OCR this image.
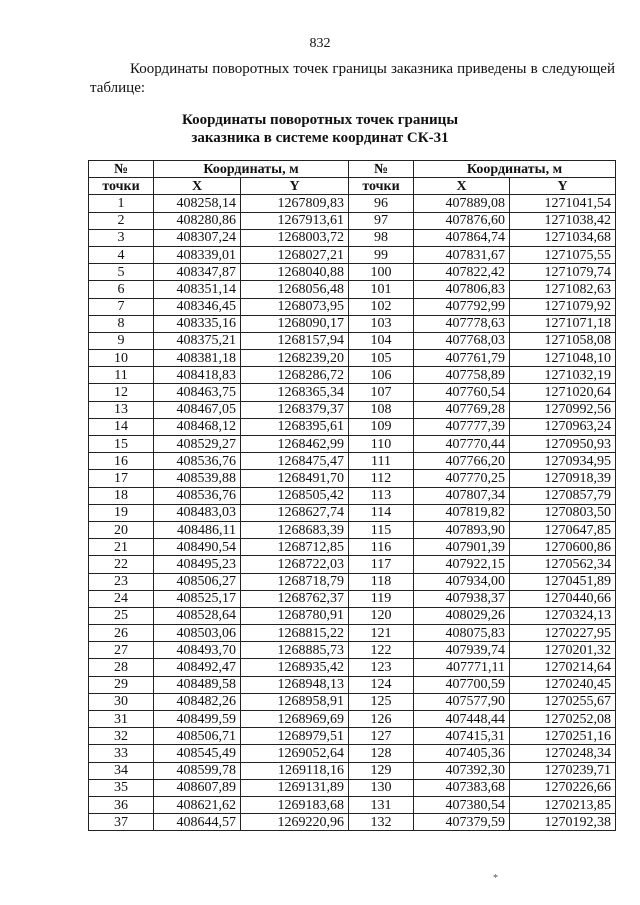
832

Координаты поворотных точек границы заказника приведены в следующей таблице:

Координаты поворотных точек границы
заказника в системе координат СК-31
№	Координаты, м		№	Координаты, м	
точки	X	Y	точки	X	Y
1	408258,14	1267809,83	96	407889,08	1271041,54
2	408280,86	1267913,61	97	407876,60	1271038,42
3	408307,24	1268003,72	98	407864,74	1271034,68
4	408339,01	1268027,21	99	407831,67	1271075,55
5	408347,87	1268040,88	100	407822,42	1271079,74
6	408351,14	1268056,48	101	407806,83	1271082,63
7	408346,45	1268073,95	102	407792,99	1271079,92
8	408335,16	1268090,17	103	407778,63	1271071,18
9	408375,21	1268157,94	104	407768,03	1271058,08
10	408381,18	1268239,20	105	407761,79	1271048,10
11	408418,83	1268286,72	106	407758,89	1271032,19
12	408463,75	1268365,34	107	407760,54	1271020,64
13	408467,05	1268379,37	108	407769,28	1270992,56
14	408468,12	1268395,61	109	407777,39	1270963,24
15	408529,27	1268462,99	110	407770,44	1270950,93
16	408536,76	1268475,47	111	407766,20	1270934,95
17	408539,88	1268491,70	112	407770,25	1270918,39
18	408536,76	1268505,42	113	407807,34	1270857,79
19	408483,03	1268627,74	114	407819,82	1270803,50
20	408486,11	1268683,39	115	407893,90	1270647,85
21	408490,54	1268712,85	116	407901,39	1270600,86
22	408495,23	1268722,03	117	407922,15	1270562,34
23	408506,27	1268718,79	118	407934,00	1270451,89
24	408525,17	1268762,37	119	407938,37	1270440,66
25	408528,64	1268780,91	120	408029,26	1270324,13
26	408503,06	1268815,22	121	408075,83	1270227,95
27	408493,70	1268885,73	122	407939,74	1270201,32
28	408492,47	1268935,42	123	407771,11	1270214,64
29	408489,58	1268948,13	124	407700,59	1270240,45
30	408482,26	1268958,91	125	407577,90	1270255,67
31	408499,59	1268969,69	126	407448,44	1270252,08
32	408506,71	1268979,51	127	407415,31	1270251,16
33	408545,49	1269052,64	128	407405,36	1270248,34
34	408599,78	1269118,16	129	407392,30	1270239,71
35	408607,89	1269131,89	130	407383,68	1270226,66
36	408621,62	1269183,68	131	407380,54	1270213,85
37	408644,57	1269220,96	132	407379,59	1270192,38
*
